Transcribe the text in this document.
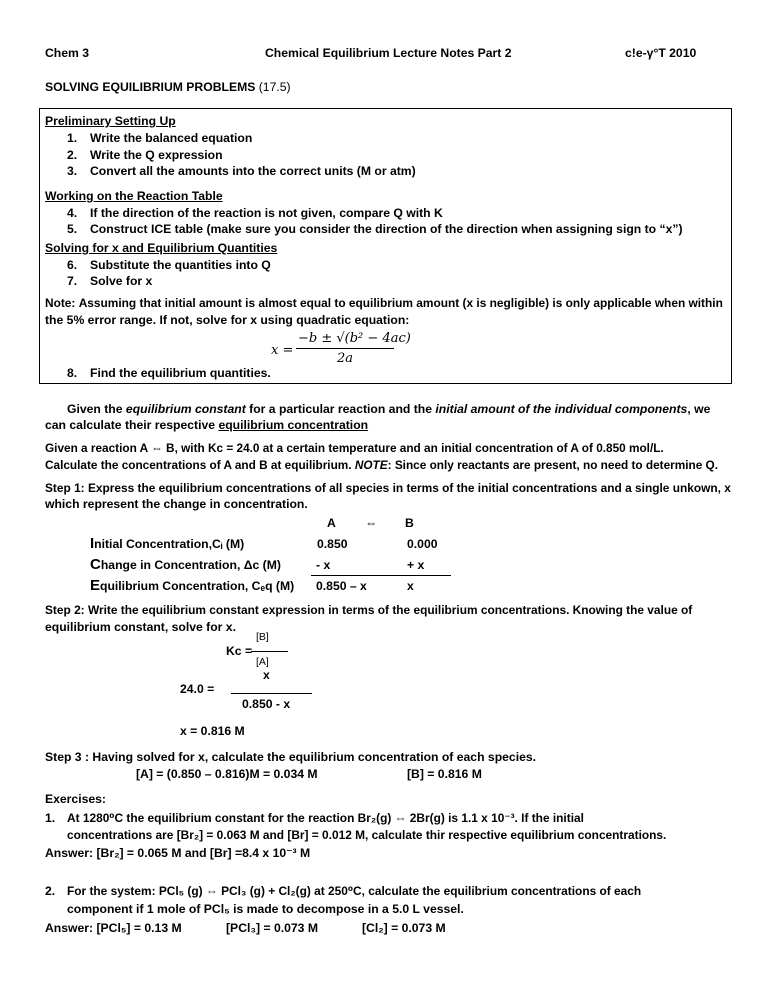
Chem 3	Chemical Equilibrium Lecture Notes Part 2	c!e-γ°T 2010
SOLVING EQUILIBRIUM PROBLEMS (17.5)
Preliminary Setting Up
1. Write the balanced equation
2. Write the Q expression
3. Convert all the amounts into the correct units (M or atm)
Working on the Reaction Table
4. If the direction of the reaction is not given, compare Q with K
5. Construct ICE table (make sure you consider the direction of the direction when assigning sign to “x”)
Solving for x and Equilibrium Quantities
6. Substitute the quantities into Q
7. Solve for x
Note: Assuming that initial amount is almost equal to equilibrium amount (x is negligible) is only applicable when within
the 5% error range. If not, solve for x using quadratic equation:
x =
−b ± √(b² − 4ac)
2a
8. Find the equilibrium quantities.
Given the equilibrium constant for a particular reaction and the initial amount of the individual components, we
can calculate their respective equilibrium concentration
Given a reaction A ⇔ B, with Kᴄ = 24.0 at a certain temperature and an initial concentration of A of 0.850 mol/L.
Calculate the concentrations of A and B at equilibrium. NOTE: Since only reactants are present, no need to determine Q.
Step 1: Express the equilibrium concentrations of all species in terms of the initial concentrations and a single unkown, x
which represent the change in concentration.
A ⇔ B
Initial Concentration,Cᵢ (M)	0.850	0.000
Change in Concentration, Δc (M)	- x	+ x
Equilibrium Concentration, Cₑq (M) 0.850 – x	x
Step 2: Write the equilibrium constant expression in terms of the equilibrium concentrations. Knowing the value of
equilibrium constant, solve for x.
[B]
Kᴄ =
[A]
x
24.0 =
0.850 - x
x = 0.816 M
Step 3 : Having solved for x, calculate the equilibrium concentration of each species.
[A] = (0.850 – 0.816)M = 0.034 M	[B] = 0.816 M
Exercises:
1. At 1280⁰C the equilibrium constant for the reaction Br₂(g) ⇔ 2Br(g) is 1.1 x 10⁻³. If the initial
concentrations are [Br₂] = 0.063 M and [Br] = 0.012 M, calculate thir respective equilibrium concentrations.
Answer: [Br₂] = 0.065 M and [Br] =8.4 x 10⁻³ M
2. For the system: PCl₅ (g) ⇔ PCl₃ (g) + Cl₂(g) at 250⁰C, calculate the equilibrium concentrations of each
component if 1 mole of PCl₅ is made to decompose in a 5.0 L vessel.
Answer: [PCl₅] = 0.13 M	[PCl₃] = 0.073 M	[Cl₂] = 0.073 M
